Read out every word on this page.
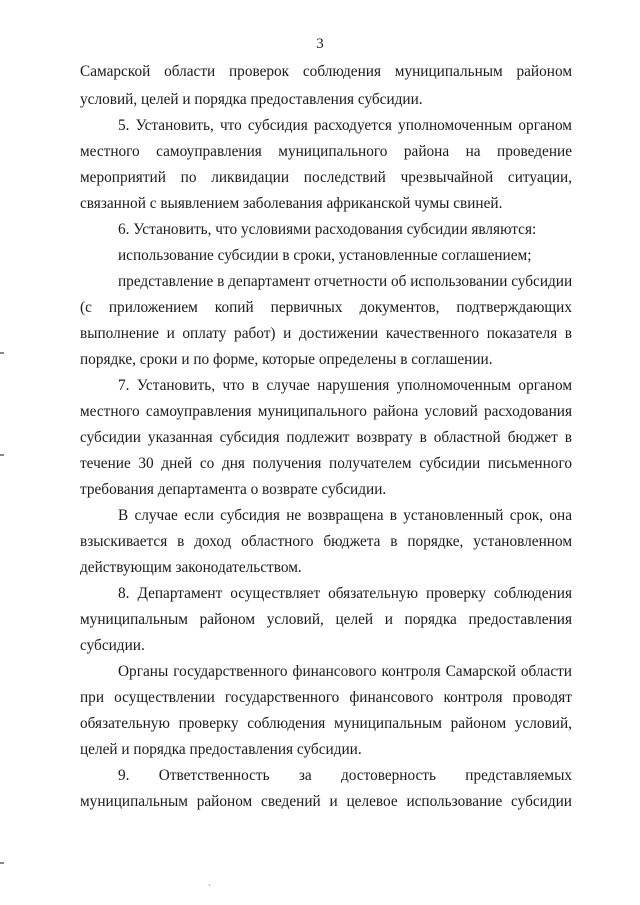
3
Самарской области проверок соблюдения муниципальным районом
условий, целей и порядка предоставления субсидии.
5. Установить, что субсидия расходуется уполномоченным органом
местного самоуправления муниципального района на проведение
мероприятий по ликвидации последствий чрезвычайной ситуации,
связанной с выявлением заболевания африканской чумы свиней.
6. Установить, что условиями расходования субсидии являются:
использование субсидии в сроки, установленные соглашением;
представление в департамент отчетности об использовании субсидии
(с приложением копий первичных документов, подтверждающих
выполнение и оплату работ) и достижении качественного показателя в
порядке, сроки и по форме, которые определены в соглашении.
7. Установить, что в случае нарушения уполномоченным органом
местного самоуправления муниципального района условий расходования
субсидии указанная субсидия подлежит возврату в областной бюджет в
течение 30 дней со дня получения получателем субсидии письменного
требования департамента о возврате субсидии.
В случае если субсидия не возвращена в установленный срок, она
взыскивается в доход областного бюджета в порядке, установленном
действующим законодательством.
8. Департамент осуществляет обязательную проверку соблюдения
муниципальным районом условий, целей и порядка предоставления
субсидии.
Органы государственного финансового контроля Самарской области
при осуществлении государственного финансового контроля проводят
обязательную проверку соблюдения муниципальным районом условий,
целей и порядка предоставления субсидии.
9. Ответственность за достоверность представляемых
муниципальным районом сведений и целевое использование субсидии
ˎ
